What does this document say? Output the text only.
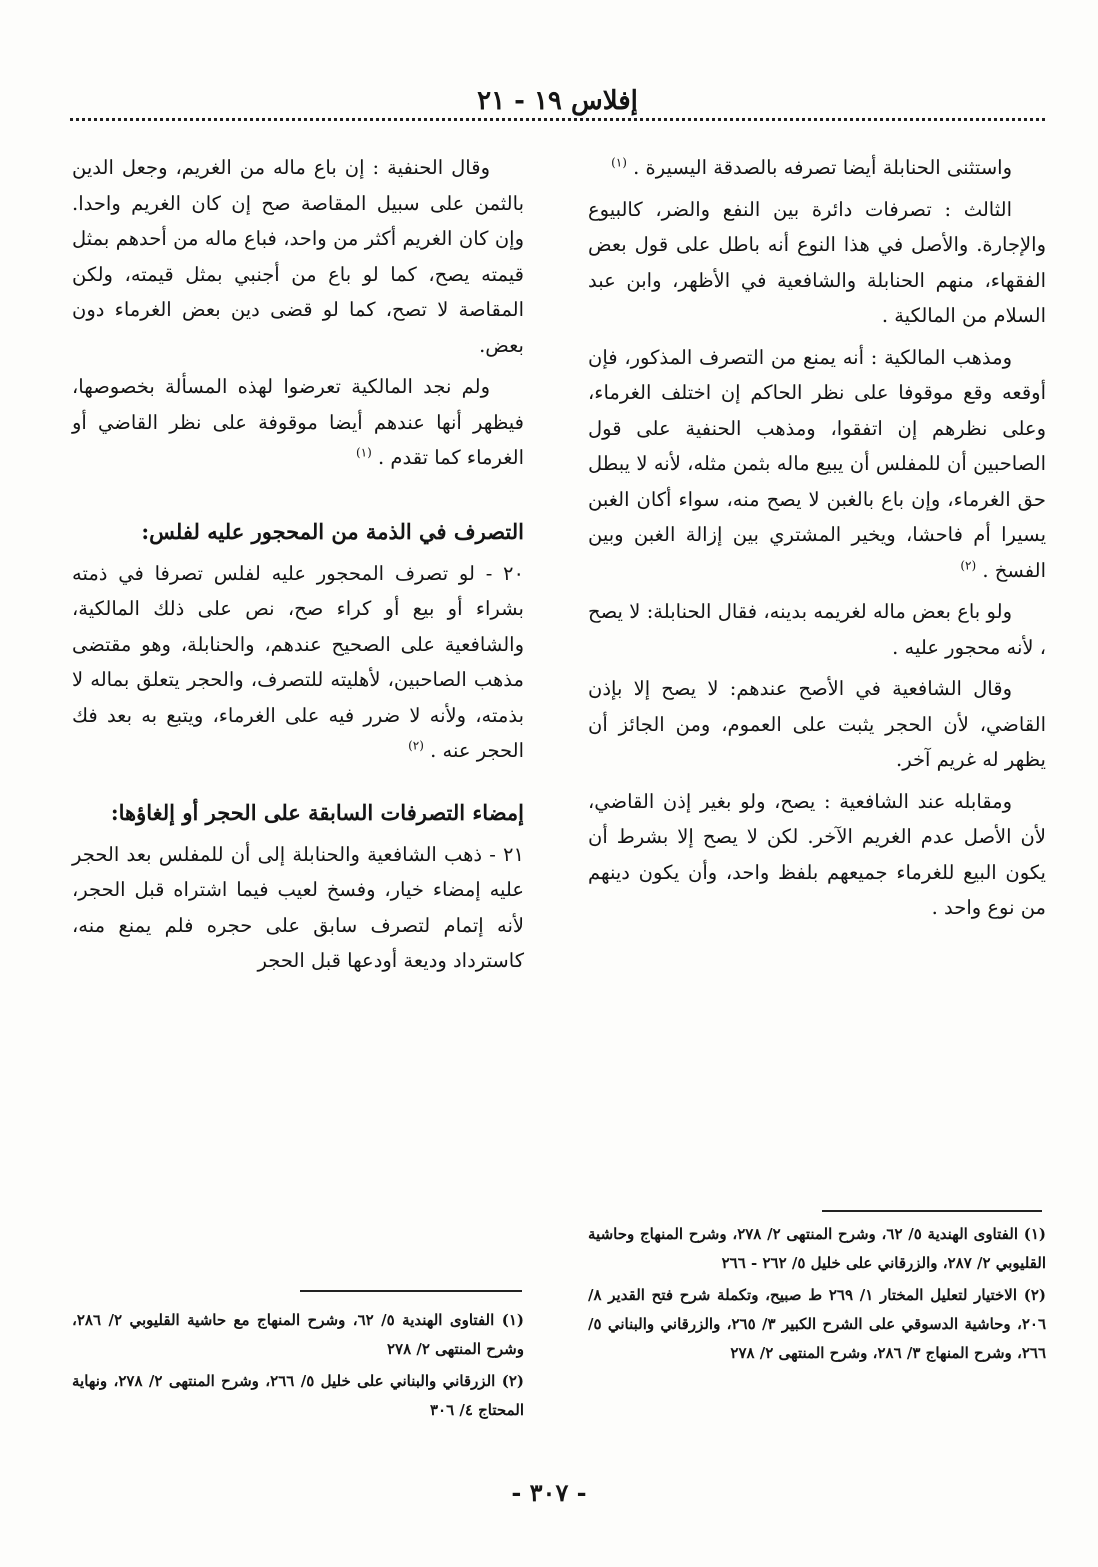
إفلاس ١٩ - ٢١

واستثنى الحنابلة أيضا تصرفه بالصدقة اليسيرة . $^{(١)}$

الثالث : تصرفات دائرة بين النفع والضر، كالبيوع والإجارة. والأصل في هذا النوع أنه باطل على قول بعض الفقهاء، منهم الحنابلة والشافعية في الأظهر، وابن عبد السلام من المالكية .

ومذهب المالكية : أنه يمنع من التصرف المذكور، فإن أوقعه وقع موقوفا على نظر الحاكم إن اختلف الغرماء، وعلى نظرهم إن اتفقوا، ومذهب الحنفية على قول الصاحبين أن للمفلس أن يبيع ماله بثمن مثله، لأنه لا يبطل حق الغرماء، وإن باع بالغبن لا يصح منه، سواء أكان الغبن يسيرا أم فاحشا، ويخير المشتري بين إزالة الغبن وبين الفسخ . $^{(٢)}$

ولو باع بعض ماله لغريمه بدينه، فقال الحنابلة: لا يصح ، لأنه محجور عليه .

وقال الشافعية في الأصح عندهم: لا يصح إلا بإذن القاضي، لأن الحجر يثبت على العموم، ومن الجائز أن يظهر له غريم آخر.

ومقابله عند الشافعية : يصح، ولو بغير إذن القاضي، لأن الأصل عدم الغريم الآخر. لكن لا يصح إلا بشرط أن يكون البيع للغرماء جميعهم بلفظ واحد، وأن يكون دينهم من نوع واحد .

وقال الحنفية : إن باع ماله من الغريم، وجعل الدين بالثمن على سبيل المقاصة صح إن كان الغريم واحدا. وإن كان الغريم أكثر من واحد، فباع ماله من أحدهم بمثل قيمته يصح، كما لو باع من أجنبي بمثل قيمته، ولكن المقاصة لا تصح، كما لو قضى دين بعض الغرماء دون بعض.

ولم نجد المالكية تعرضوا لهذه المسألة بخصوصها، فيظهر أنها عندهم أيضا موقوفة على نظر القاضي أو الغرماء كما تقدم . $^{(١)}$

التصرف في الذمة من المحجور عليه لفلس:

٢٠ - لو تصرف المحجور عليه لفلس تصرفا في ذمته بشراء أو بيع أو كراء صح، نص على ذلك المالكية، والشافعية على الصحيح عندهم، والحنابلة، وهو مقتضى مذهب الصاحبين، لأهليته للتصرف، والحجر يتعلق بماله لا بذمته، ولأنه لا ضرر فيه على الغرماء، ويتبع به بعد فك الحجر عنه . $^{(٢)}$

إمضاء التصرفات السابقة على الحجر أو إلغاؤها:

٢١ - ذهب الشافعية والحنابلة إلى أن للمفلس بعد الحجر عليه إمضاء خيار، وفسخ لعيب فيما اشتراه قبل الحجر، لأنه إتمام لتصرف سابق على حجره فلم يمنع منه، كاسترداد وديعة أودعها قبل الحجر

(١) الفتاوى الهندية ٥/ ٦٢، وشرح المنتهى ٢/ ٢٧٨، وشرح المنهاج وحاشية القليوبي ٢/ ٢٨٧، والزرقاني على خليل ٥/ ٢٦٢ - ٢٦٦

(٢) الاختيار لتعليل المختار ١/ ٢٦٩ ط صبيح، وتكملة شرح فتح القدير ٨/ ٢٠٦، وحاشية الدسوقي على الشرح الكبير ٣/ ٢٦٥، والزرقاني والبناني ٥/ ٢٦٦، وشرح المنهاج ٣/ ٢٨٦، وشرح المنتهى ٢/ ٢٧٨

(١) الفتاوى الهندية ٥/ ٦٢، وشرح المنهاج مع حاشية القليوبي ٢/ ٢٨٦، وشرح المنتهى ٢/ ٢٧٨

(٢) الزرقاني والبناني على خليل ٥/ ٢٦٦، وشرح المنتهى ٢/ ٢٧٨، ونهاية المحتاج ٤/ ٣٠٦

- ٣٠٧ -
